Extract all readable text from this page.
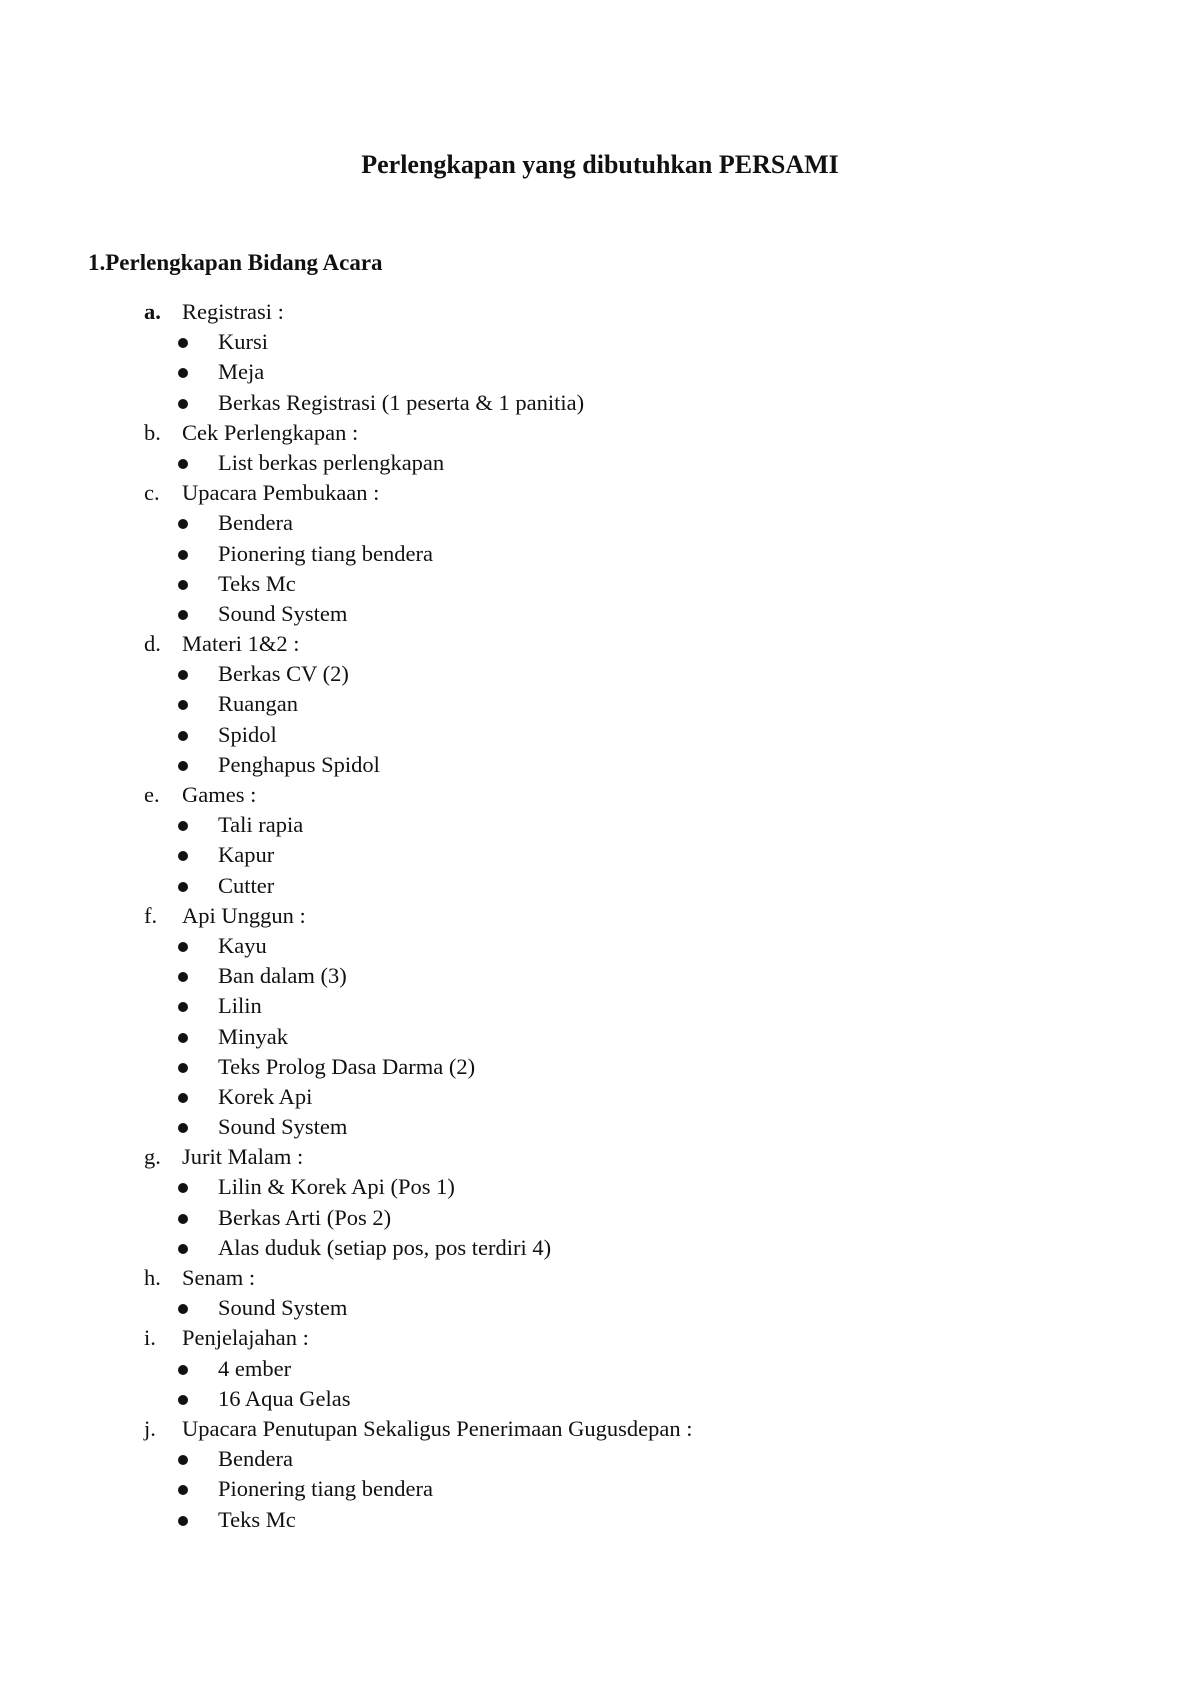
Perlengkapan yang dibutuhkan PERSAMI
1.Perlengkapan Bidang Acara
a. Registrasi :
Kursi
Meja
Berkas Registrasi (1 peserta & 1 panitia)
b. Cek Perlengkapan :
List berkas perlengkapan
c. Upacara Pembukaan :
Bendera
Pionering tiang bendera
Teks Mc
Sound System
d. Materi 1&2 :
Berkas CV (2)
Ruangan
Spidol
Penghapus Spidol
e. Games :
Tali rapia
Kapur
Cutter
f. Api Unggun :
Kayu
Ban dalam (3)
Lilin
Minyak
Teks Prolog Dasa Darma (2)
Korek Api
Sound System
g. Jurit Malam :
Lilin & Korek Api (Pos 1)
Berkas Arti (Pos 2)
Alas duduk (setiap pos, pos terdiri 4)
h. Senam :
Sound System
i. Penjelajahan :
4 ember
16 Aqua Gelas
j. Upacara Penutupan Sekaligus Penerimaan Gugusdepan :
Bendera
Pionering tiang bendera
Teks Mc
